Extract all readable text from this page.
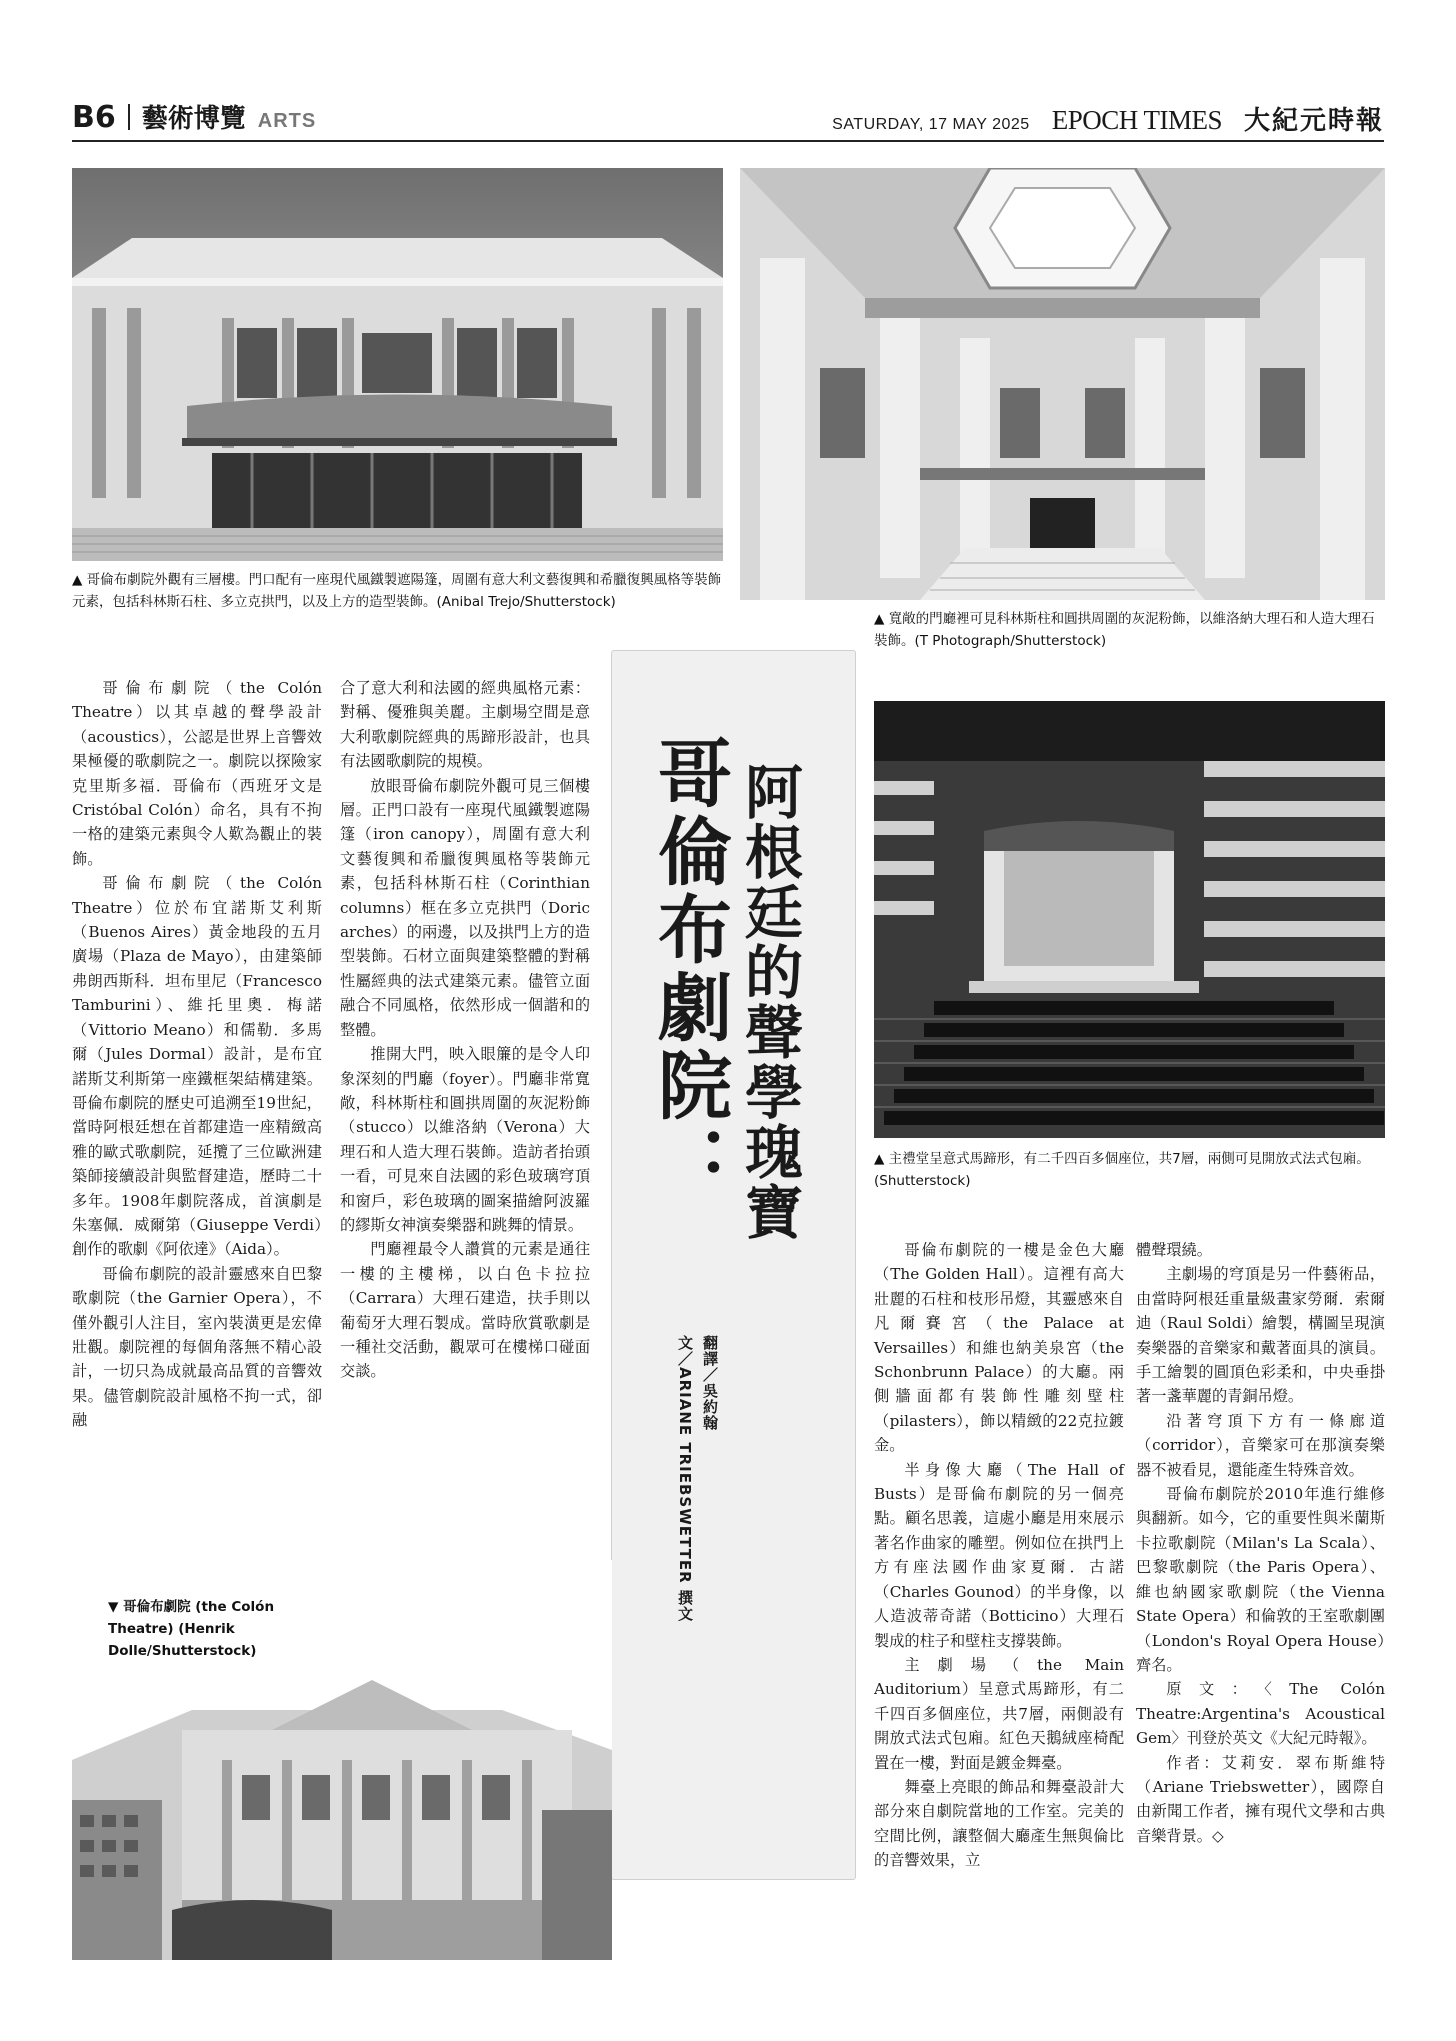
B6 藝術博覽 ARTS	SATURDAY, 17 MAY 2025 EPOCH TIMES 大紀元時報
▲ 哥倫布劇院外觀有三層樓。門口配有一座現代風鐵製遮陽篷，周圍有意大利文藝復興和希臘復興風格等裝飾元素，包括科林斯石柱、多立克拱門，以及上方的造型裝飾。(Anibal Trejo/Shutterstock)
▲ 寬敞的門廳裡可見科林斯柱和圓拱周圍的灰泥粉飾，以維洛納大理石和人造大理石裝飾。(T Photograph/Shutterstock)
哥倫布劇院： 阿根廷的聲學瑰寶
文／ARIANE TRIEBSWETTER 撰文 翻譯／吳約翰

哥倫布劇院（the Colón Theatre）以其卓越的聲學設計（acoustics），公認是世界上音響效果極優的歌劇院之一。劇院以探險家克里斯多福．哥倫布（西班牙文是 Cristóbal Colón）命名，具有不拘一格的建築元素與令人歎為觀止的裝飾。

哥倫布劇院（the Colón Theatre）位於布宜諾斯艾利斯（Buenos Aires）黃金地段的五月廣場（Plaza de Mayo），由建築師弗朗西斯科．坦布里尼（Francesco Tamburini）、維托里奧．梅諾（Vittorio Meano）和儒勒．多馬爾（Jules Dormal）設計，是布宜諾斯艾利斯第一座鐵框架結構建築。哥倫布劇院的歷史可追溯至19世紀，當時阿根廷想在首都建造一座精緻高雅的歐式歌劇院，延攬了三位歐洲建築師接續設計與監督建造，歷時二十多年。1908年劇院落成，首演劇是朱塞佩．威爾第（Giuseppe Verdi）創作的歌劇《阿依達》（Aida）。

哥倫布劇院的設計靈感來自巴黎歌劇院（the Garnier Opera），不僅外觀引人注目，室內裝潢更是宏偉壯觀。劇院裡的每個角落無不精心設計，一切只為成就最高品質的音響效果。儘管劇院設計風格不拘一式，卻融

合了意大利和法國的經典風格元素：對稱、優雅與美麗。主劇場空間是意大利歌劇院經典的馬蹄形設計，也具有法國歌劇院的規模。

放眼哥倫布劇院外觀可見三個樓層。正門口設有一座現代風鐵製遮陽篷（iron canopy），周圍有意大利文藝復興和希臘復興風格等裝飾元素，包括科林斯石柱（Corinthian columns）框在多立克拱門（Doric arches）的兩邊，以及拱門上方的造型裝飾。石材立面與建築整體的對稱性屬經典的法式建築元素。儘管立面融合不同風格，依然形成一個諧和的整體。

推開大門，映入眼簾的是令人印象深刻的門廳（foyer）。門廳非常寬敞，科林斯柱和圓拱周圍的灰泥粉飾（stucco）以維洛納（Verona）大理石和人造大理石裝飾。造訪者抬頭一看，可見來自法國的彩色玻璃穹頂和窗戶，彩色玻璃的圖案描繪阿波羅的繆斯女神演奏樂器和跳舞的情景。

門廳裡最令人讚賞的元素是通往一樓的主樓梯，以白色卡拉拉（Carrara）大理石建造，扶手則以葡萄牙大理石製成。當時欣賞歌劇是一種社交活動，觀眾可在樓梯口碰面交談。

▼ 哥倫布劇院 (the Colón Theatre) (Henrik Dolle/Shutterstock)
▲ 主禮堂呈意式馬蹄形，有二千四百多個座位，共7層，兩側可見開放式法式包廂。(Shutterstock)

哥倫布劇院的一樓是金色大廳（The Golden Hall）。這裡有高大壯麗的石柱和枝形吊燈，其靈感來自凡爾賽宮（the Palace at Versailles）和維也納美泉宮（the Schonbrunn Palace）的大廳。兩側牆面都有裝飾性雕刻壁柱（pilasters），飾以精緻的22克拉鍍金。

半身像大廳（The Hall of Busts）是哥倫布劇院的另一個亮點。顧名思義，這處小廳是用來展示著名作曲家的雕塑。例如位在拱門上方有座法國作曲家夏爾．古諾（Charles Gounod）的半身像，以人造波蒂奇諾（Botticino）大理石製成的柱子和壁柱支撐裝飾。

主劇場（the Main Auditorium）呈意式馬蹄形，有二千四百多個座位，共7層，兩側設有開放式法式包廂。紅色天鵝絨座椅配置在一樓，對面是鍍金舞臺。

舞臺上亮眼的飾品和舞臺設計大部分來自劇院當地的工作室。完美的空間比例，讓整個大廳產生無與倫比的音響效果，立

體聲環繞。

主劇場的穹頂是另一件藝術品，由當時阿根廷重量級畫家勞爾．索爾迪（Raul Soldi）繪製，構圖呈現演奏樂器的音樂家和戴著面具的演員。手工繪製的圓頂色彩柔和，中央垂掛著一盞華麗的青銅吊燈。

沿著穹頂下方有一條廊道（corridor），音樂家可在那演奏樂器不被看見，還能產生特殊音效。

哥倫布劇院於2010年進行維修與翻新。如今，它的重要性與米蘭斯卡拉歌劇院（Milan's La Scala）、巴黎歌劇院（the Paris Opera）、維也納國家歌劇院（the Vienna State Opera）和倫敦的王室歌劇團（London's Royal Opera House）齊名。

原文：〈The Colón Theatre:Argentina's Acoustical Gem〉刊登於英文《大紀元時報》。

作者：艾莉安．翠布斯維特（Ariane Triebswetter），國際自由新聞工作者，擁有現代文學和古典音樂背景。◇
